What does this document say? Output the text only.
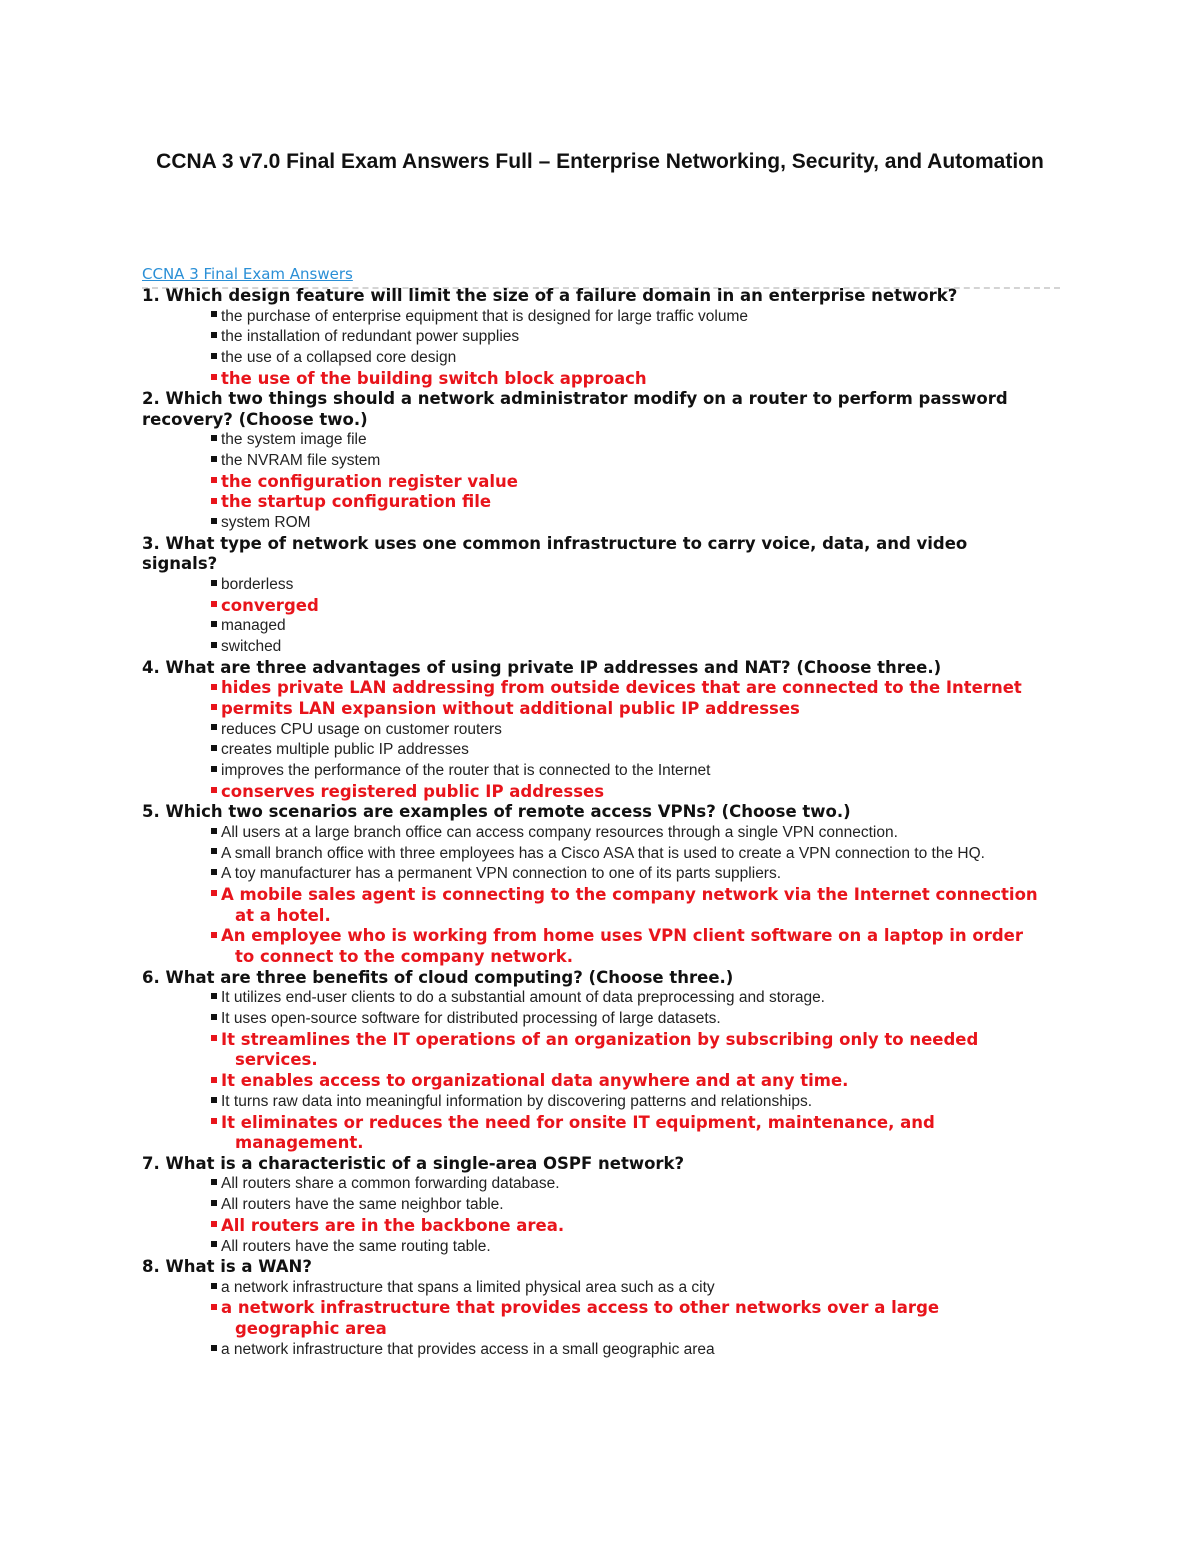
CCNA 3 v7.0 Final Exam Answers Full – Enterprise Networking, Security, and Automation
CCNA 3 Final Exam Answers

1. Which design feature will limit the size of a failure domain in an enterprise network?

the purchase of enterprise equipment that is designed for large traffic volume
the installation of redundant power supplies
the use of a collapsed core design
the use of the building switch block approach

2. Which two things should a network administrator modify on a router to perform password recovery? (Choose two.)

the system image file
the NVRAM file system
the configuration register value
the startup configuration file
system ROM

3. What type of network uses one common infrastructure to carry voice, data, and video signals?

borderless
converged
managed
switched

4. What are three advantages of using private IP addresses and NAT? (Choose three.)

hides private LAN addressing from outside devices that are connected to the Internet
permits LAN expansion without additional public IP addresses
reduces CPU usage on customer routers
creates multiple public IP addresses
improves the performance of the router that is connected to the Internet
conserves registered public IP addresses

5. Which two scenarios are examples of remote access VPNs? (Choose two.)

All users at a large branch office can access company resources through a single VPN connection.
A small branch office with three employees has a Cisco ASA that is used to create a VPN connection to the HQ.
A toy manufacturer has a permanent VPN connection to one of its parts suppliers.
A mobile sales agent is connecting to the company network via the Internet connection at a hotel.
An employee who is working from home uses VPN client software on a laptop in order to connect to the company network.

6. What are three benefits of cloud computing? (Choose three.)

It utilizes end-user clients to do a substantial amount of data preprocessing and storage.
It uses open-source software for distributed processing of large datasets.
It streamlines the IT operations of an organization by subscribing only to needed services.
It enables access to organizational data anywhere and at any time.
It turns raw data into meaningful information by discovering patterns and relationships.
It eliminates or reduces the need for onsite IT equipment, maintenance, and management.

7. What is a characteristic of a single-area OSPF network?

All routers share a common forwarding database.
All routers have the same neighbor table.
All routers are in the backbone area.
All routers have the same routing table.

8. What is a WAN?

a network infrastructure that spans a limited physical area such as a city
a network infrastructure that provides access to other networks over a large geographic area
a network infrastructure that provides access in a small geographic area
